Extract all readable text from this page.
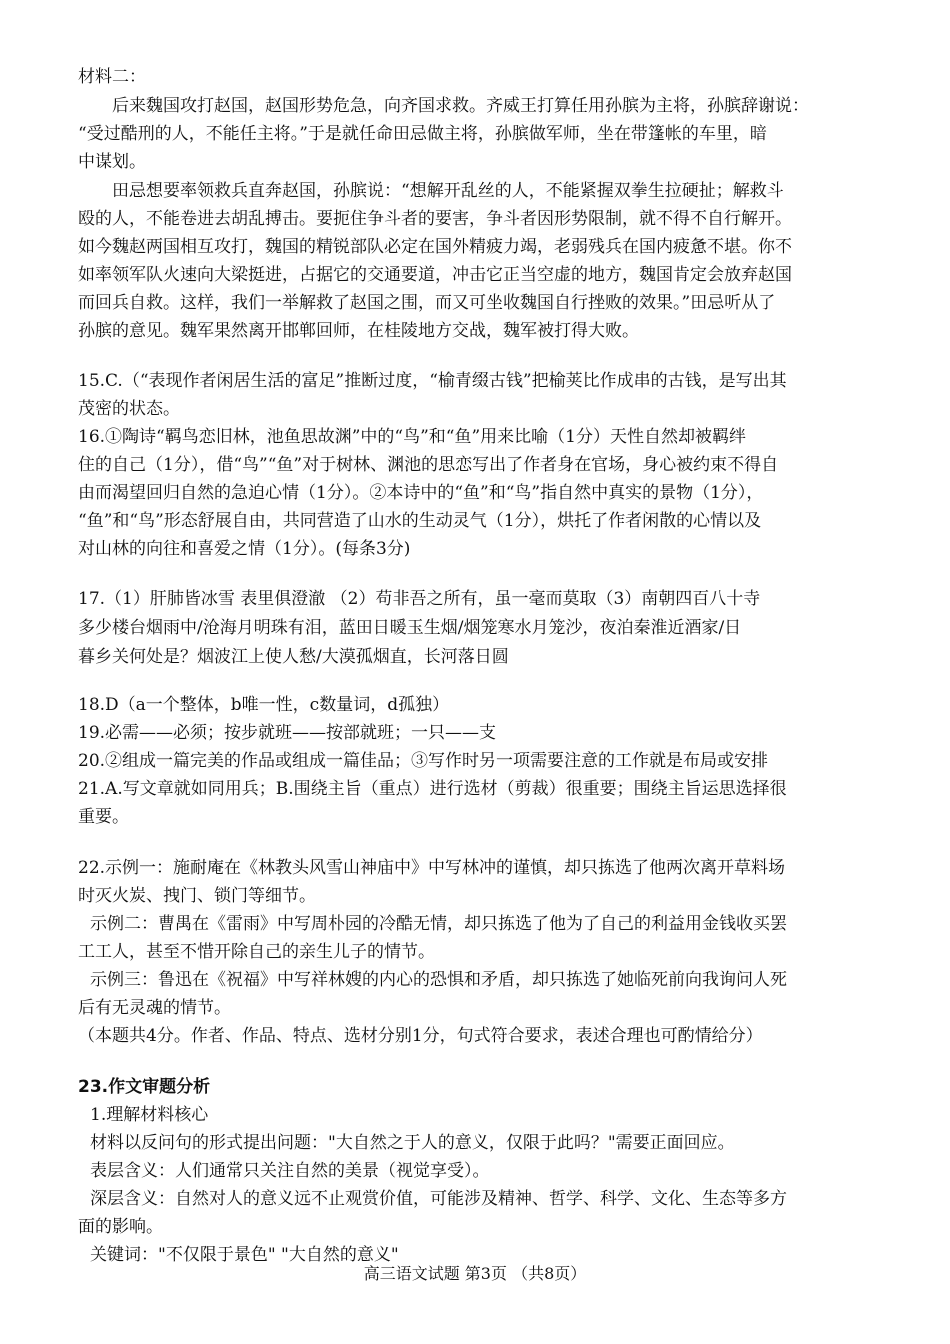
材料二：
后来魏国攻打赵国，赵国形势危急，向齐国求救。齐威王打算任用孙膑为主将，孙膑辞谢说：
“受过酷刑的人，不能任主将。”于是就任命田忌做主将，孙膑做军师，坐在带篷帐的车里，暗
中谋划。
田忌想要率领救兵直奔赵国，孙膑说：“想解开乱丝的人，不能紧握双拳生拉硬扯；解救斗
殴的人，不能卷进去胡乱搏击。要扼住争斗者的要害，争斗者因形势限制，就不得不自行解开。
如今魏赵两国相互攻打，魏国的精锐部队必定在国外精疲力竭，老弱残兵在国内疲惫不堪。你不
如率领军队火速向大梁挺进，占据它的交通要道，冲击它正当空虚的地方，魏国肯定会放弃赵国
而回兵自救。这样，我们一举解救了赵国之围，而又可坐收魏国自行挫败的效果。”田忌听从了
孙膑的意见。魏军果然离开邯郸回师，在桂陵地方交战，魏军被打得大败。
15.C.（“表现作者闲居生活的富足”推断过度，“榆青缀古钱”把榆荚比作成串的古钱，是写出其
茂密的状态。
16.①陶诗“羁鸟恋旧林，池鱼思故渊”中的“鸟”和“鱼”用来比喻（1分）天性自然却被羁绊
住的自己（1分），借“鸟”“鱼”对于树林、渊池的思恋写出了作者身在官场，身心被约束不得自
由而渴望回归自然的急迫心情（1分）。②本诗中的“鱼”和“鸟”指自然中真实的景物（1分），
“鱼”和“鸟”形态舒展自由，共同营造了山水的生动灵气（1分），烘托了作者闲散的心情以及
对山林的向往和喜爱之情（1分）。(每条3分)
17.（1）肝肺皆冰雪 表里俱澄澈 （2）苟非吾之所有，虽一毫而莫取（3）南朝四百八十寺
多少楼台烟雨中/沧海月明珠有泪，蓝田日暖玉生烟/烟笼寒水月笼沙，夜泊秦淮近酒家/日
暮乡关何处是？烟波江上使人愁/大漠孤烟直，长河落日圆
18.D（a一个整体，b唯一性，c数量词，d孤独）
19.必需——必须；按步就班——按部就班；一只——支
20.②组成一篇完美的作品或组成一篇佳品；③写作时另一项需要注意的工作就是布局或安排
21.A.写文章就如同用兵；B.围绕主旨（重点）进行选材（剪裁）很重要；围绕主旨运思选择很
重要。
22.示例一：施耐庵在《林教头风雪山神庙中》中写林冲的谨慎，却只拣选了他两次离开草料场
时灭火炭、拽门、锁门等细节。
示例二：曹禺在《雷雨》中写周朴园的冷酷无情，却只拣选了他为了自己的利益用金钱收买罢
工工人，甚至不惜开除自己的亲生儿子的情节。
示例三：鲁迅在《祝福》中写祥林嫂的内心的恐惧和矛盾，却只拣选了她临死前向我询问人死
后有无灵魂的情节。
（本题共4分。作者、作品、特点、选材分别1分，句式符合要求，表述合理也可酌情给分）
23.作文审题分析
1.理解材料核心
材料以反问句的形式提出问题："大自然之于人的意义，仅限于此吗？"需要正面回应。
表层含义：人们通常只关注自然的美景（视觉享受）。
深层含义：自然对人的意义远不止观赏价值，可能涉及精神、哲学、科学、文化、生态等多方
面的影响。
关键词："不仅限于景色" "大自然的意义"
高三语文试题 第3页 （共8页）
